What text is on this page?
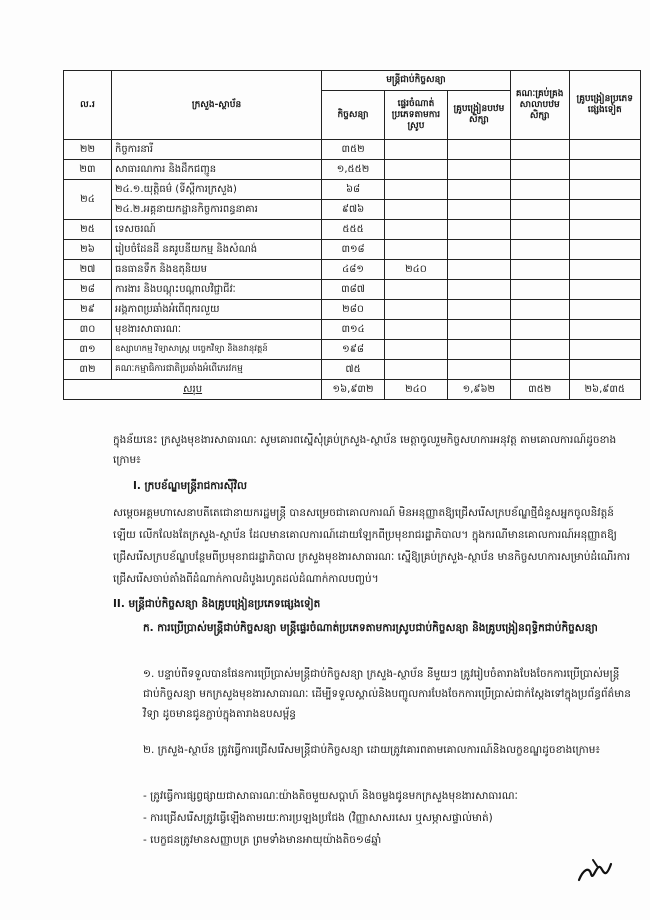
ល.រ	ក្រសួង-ស្ថាប័ន	មន្ត្រីជាប់កិច្ចសន្យា			គណៈគ្រប់គ្រងសាលាបឋមសិក្សា	គ្រូបង្រៀនប្រភេទផ្សេងទៀត
		កិច្ចសន្យា	ផ្ទេរចំណាត់ប្រភេទតាមការស្រូប	គ្រូបង្រៀនបឋមសិក្សា		
២២	កិច្ចការនារី	៣៥២				
២៣	សាធារណការ និងដឹកជញ្ជូន	១,៥៥២				
២៤	២៤.១.យុត្តិធម៌ (ទីស្តីការក្រសួង)	៦៨				
	២៤.២.អគ្គនាយកដ្ឋានកិច្ចការពន្ធនាគារ	៩៧៦				
២៥	ទេសចរណ៍	៥៥៥				
២៦	រៀបចំដែនដី នគរូបនីយកម្ម និងសំណង់	៣១៨				
២៧	ធនធានទឹក និងឧតុនិយម	៤៨១	២៤០			
២៨	ការងារ និងបណ្តុះបណ្តាលវិជ្ជាជីវៈ	៣៨៧				
២៩	អង្គភាពប្រឆាំងអំពើពុករលួយ	២៨០				
៣០	មុខងារសាធារណៈ	៣១៤				
៣១	ឧស្សាហកម្ម វិទ្យាសាស្ត្រ បច្ចេកវិទ្យា និងនវានុវត្តន៍	១៩៨				
៣២	គណៈកម្មាធិការជាតិប្រឆាំងអំពើភេរវកម្ម	៧៥				
សរុប		១៦,៩៣២	២៤០	១,៩៦២	៣៥២	២៦,៩៣៥
ក្នុងន័យនេះ ក្រសួងមុខងារសាធារណៈ សូមគោរពស្នើសុំគ្រប់ក្រសួង-ស្ថាប័ន មេត្តាចូលរួមកិច្ចសហការអនុវត្ត តាមគោលការណ៍ដូចខាងក្រោម៖
I. ក្របខ័ណ្ឌមន្ត្រីរាជការស៊ីវិល
សម្ដេចអគ្គមហាសេនាបតីតេជោនាយករដ្ឋមន្ត្រី បានសម្រេចជាគោលការណ៍ មិនអនុញ្ញាតឱ្យជ្រើសរើសក្របខ័ណ្ឌថ្មីជំនួសអ្នកចូលនិវត្តន៍ឡើយ លើកលែងតែក្រសួង-ស្ថាប័ន ដែលមានគោលការណ៍ដោយឡែកពីប្រមុខរាជរដ្ឋាភិបាល។ ក្នុងករណីមានគោលការណ៍អនុញ្ញាតឱ្យជ្រើសរើសក្របខ័ណ្ឌបន្ថែមពីប្រមុខរាជរដ្ឋាភិបាល ក្រសួងមុខងារសាធារណៈ ស្នើឱ្យគ្រប់ក្រសួង-ស្ថាប័ន មានកិច្ចសហការសម្រាប់ដំណើរការជ្រើសរើសចាប់តាំងពីដំណាក់កាលដំបូងរហូតដល់ដំណាក់កាលបញ្ចប់។
II. មន្ត្រីជាប់កិច្ចសន្យា និងគ្រូបង្រៀនប្រភេទផ្សេងទៀត
ក. ការប្រើប្រាស់មន្ត្រីជាប់កិច្ចសន្យា មន្ត្រីផ្ទេរចំណាត់ប្រភេទតាមការស្រូបជាប់កិច្ចសន្យា និងគ្រូបង្រៀនពុទ្ធិកជាប់កិច្ចសន្យា
១. បន្ទាប់ពីទទួលបានផែនការប្រើប្រាស់មន្ត្រីជាប់កិច្ចសន្យា ក្រសួង-ស្ថាប័ន នីមួយៗ ត្រូវរៀបចំតារាងបែងចែកការប្រើប្រាស់មន្ត្រីជាប់កិច្ចសន្យា មកក្រសួងមុខងារសាធារណៈ ដើម្បីទទួលស្គាល់និងបញ្ជូលការបែងចែកការប្រើប្រាស់ជាក់ស្តែងទៅក្នុងប្រព័ន្ធព័ត៌មានវិទ្យា ដូចមានជូនភ្ជាប់ក្នុងតារាងឧបសម្ព័ន្ធ
២. ក្រសួង-ស្ថាប័ន ត្រូវធ្វើការជ្រើសរើសមន្ត្រីជាប់កិច្ចសន្យា ដោយត្រូវគោរពតាមគោលការណ៍និងលក្ខខណ្ឌដូចខាងក្រោម៖
- ត្រូវធ្វើការផ្សព្វផ្សាយជាសាធារណៈយ៉ាងតិចមួយសប្តាហ៍ និងចម្លងជូនមកក្រសួងមុខងារសាធារណៈ
- ការជ្រើសរើសត្រូវធ្វើឡើងតាមរយៈការប្រឡងប្រជែង (វិញ្ញាសាសរសេរ ឬសម្ភាសផ្ទាល់មាត់)
- បេក្ខជនត្រូវមានសញ្ញាបត្រ ព្រមទាំងមានអាយុយ៉ាងតិច១៨ឆ្នាំ
